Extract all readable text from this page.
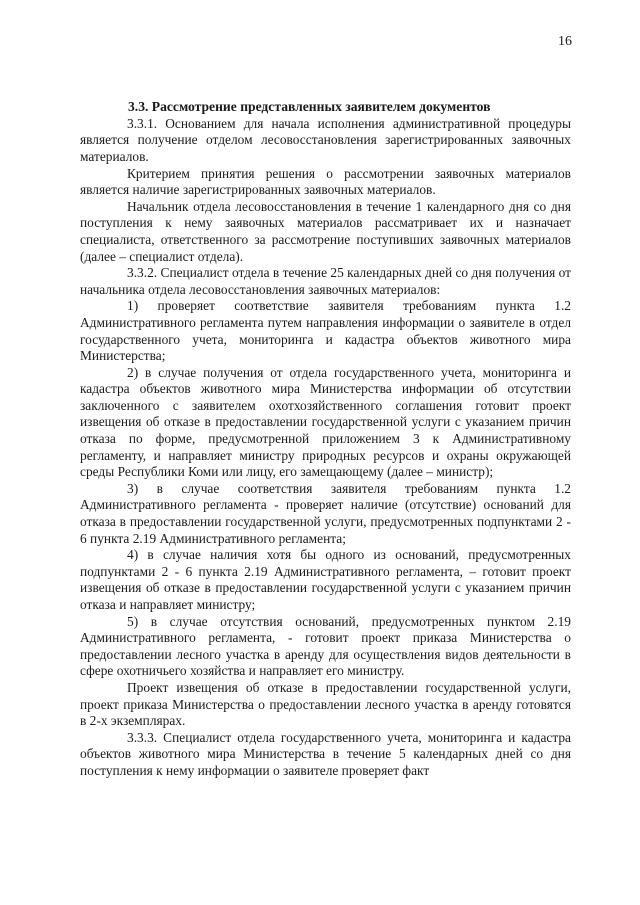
16

3.3. Рассмотрение представленных заявителем документов

3.3.1. Основанием для начала исполнения административной процедуры является получение отделом лесовосстановления зарегистрированных заявочных материалов.

Критерием принятия решения о рассмотрении заявочных материалов является наличие зарегистрированных заявочных материалов.

Начальник отдела лесовосстановления в течение 1 календарного дня со дня поступления к нему заявочных материалов рассматривает их и назначает специалиста, ответственного за рассмотрение поступивших заявочных материалов (далее – специалист отдела).

3.3.2. Специалист отдела в течение 25 календарных дней со дня получения от начальника отдела лесовосстановления заявочных материалов:

1) проверяет соответствие заявителя требованиям пункта 1.2 Административного регламента путем направления информации о заявителе в отдел государственного учета, мониторинга и кадастра объектов животного мира Министерства;

2) в случае получения от отдела государственного учета, мониторинга и кадастра объектов животного мира Министерства информации об отсутствии заключенного с заявителем охотхозяйственного соглашения готовит проект извещения об отказе в предоставлении государственной услуги с указанием причин отказа по форме, предусмотренной приложением 3 к Административному регламенту, и направляет министру природных ресурсов и охраны окружающей среды Республики Коми или лицу, его замещающему (далее – министр);

3) в случае соответствия заявителя требованиям пункта 1.2 Административного регламента - проверяет наличие (отсутствие) оснований для отказа в предоставлении государственной услуги, предусмотренных подпунктами 2 - 6 пункта 2.19 Административного регламента;

4) в случае наличия хотя бы одного из оснований, предусмотренных подпунктами 2 - 6 пункта 2.19 Административного регламента, – готовит проект извещения об отказе в предоставлении государственной услуги с указанием причин отказа и направляет министру;

5) в случае отсутствия оснований, предусмотренных пунктом 2.19 Административного регламента, - готовит проект приказа Министерства о предоставлении лесного участка в аренду для осуществления видов деятельности в сфере охотничьего хозяйства и направляет его министру.

Проект извещения об отказе в предоставлении государственной услуги, проект приказа Министерства о предоставлении лесного участка в аренду готовятся в 2-х экземплярах.

3.3.3. Специалист отдела государственного учета, мониторинга и кадастра объектов животного мира Министерства в течение 5 календарных дней со дня поступления к нему информации о заявителе проверяет факт
